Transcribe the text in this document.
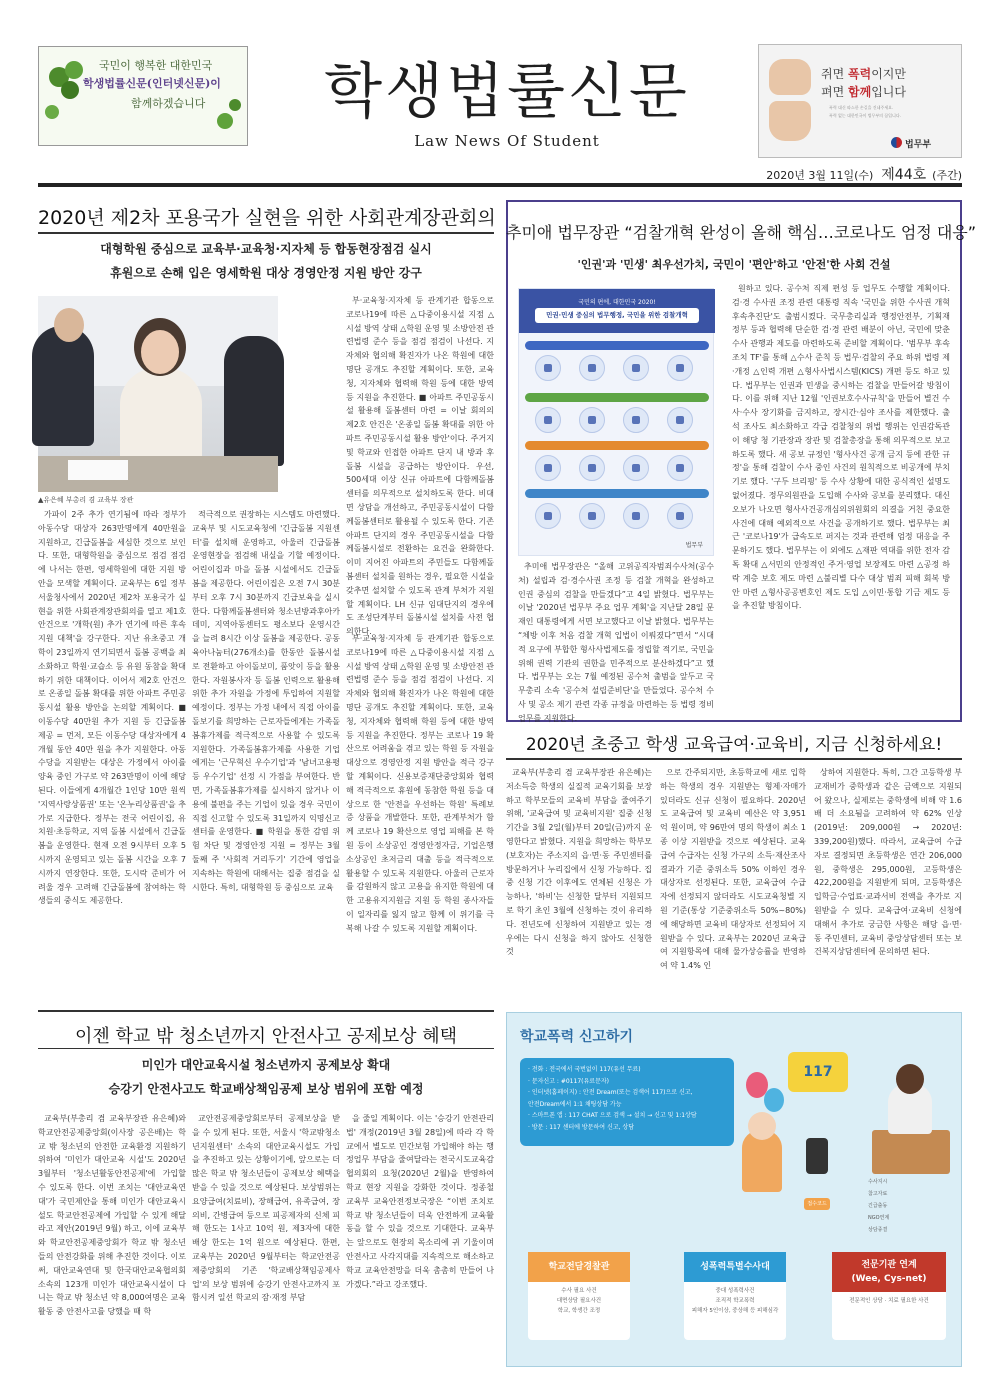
국민이 행복한 대한민국
학생법률신문(인터넷신문)이
함께하겠습니다	학생법률신문
Law News Of Student
쥐면 폭력이지만
펴면 함께입니다
폭력 대신 따스한 손길을 건네주세요.
폭력 없는 대한민국이 법무부의 꿈입니다.
법무부
2020년 3월 11일(수) 제44호 (주간)
2020년 제2차 포용국가 실현을 위한 사회관계장관회의
대형학원 중심으로 교육부·교육청·지자체 등 합동현장점검 실시
휴원으로 손해 입은 영세학원 대상 경영안정 지원 방안 강구
▲유은혜 부총리 겸 교육부 장관

부·교육청·지자체 등 관계기관 합동으로 코로나19에 따른 △다중이용시설 지점 △시설 방역 상태 △학원 운영 및 소방안전 관련법령 준수 등을 점검 점검이 나선다. 지자체와 협의해 확진자가 나온 학원에 대한 명단 공개도 추진할 계획이다. 또한, 교육청, 지자체와 협력해 학원 등에 대한 방역 등 지원을 추진한다. ■ 아파트 주민공동시설 활용해 돌봄센터 마련 = 이날 회의의 제2호 안건은 '온종일 돌봄 확대를 위한 아파트 주민공동시설 활용 방안'이다. 주거지 및 학교와 인접한 아파트 단지 내 방과 후 돌봄 시설을 공급하는 방안이다. 우선, 500세대 이상 신규 아파트에 다함께돌봄센터를 의무적으로 설치하도록 한다. 비대면 상담을 개선하고, 주민공동시설이 다함께돌봄센터로 활용될 수 있도록 한다. 기존 아파트 단지의 경우 주민공동시설을 다함께돌봄시설로 전환하는 요건을 완화한다. 이미 지어진 아파트의 주민들도 다함께돌봄센터 설치를 원하는 경우, 필요한 시설을 갖추면 설치할 수 있도록 관계 부처가 지원할 계획이다. LH 신규 임대단지의 경우에도 조성단계부터 돌봄시설 설치를 사전 협의한다.

가파이 2주 추가 연기됨에 따라 정부가 아동수당 대상자 263만명에게 40만원을 지원하고, 긴급돌봄을 세심한 것으로 보인다. 또한, 대형학원을 중심으로 점검 점검에 나서는 한편, 영세학원에 대한 지원 방안을 모색할 계획이다. 교육부는 6일 정부서울청사에서 2020년 제2차 포용국가 실현을 위한 사회관계장관회의를 열고 제1호 안건으로 '개학(원) 추가 연기에 따른 후속 지원 대책'을 강구한다. 지난 유초중고 개학이 23일까지 연기되면서 돌봄 공백을 최소화하고 학원·교습소 등 유원 동참을 확대하기 위한 대책이다. 이어서 제2호 안건으로 온종일 돌봄 확대를 위한 아파트 주민공동시설 활용 방안을 논의할 계획이다. ■ 이동수당 40만원 추가 지원 등 긴급돌봄 제공 = 먼저, 모든 이동수당 대상자에게 4개월 동안 40만 원을 추가 지원한다. 아동수당을 지원받는 대상은 가정에서 아이를 양육 중인 가구로 약 263만명이 이에 해당된다. 이들에게 4개월간 1인당 10만 원씩 '지역사랑상품권' 또는 '온누리상품권'을 추가로 지급한다. 정부는 전국 어린이집, 유치원·초등학교, 지역 돌봄 시설에서 긴급돌봄을 운영한다. 현재 오전 9시부터 오후 5시까지 운영되고 있는 돌봄 시간을 오후 7시까지 연장한다. 또한, 도시락 준비가 어려울 경우 고려해 긴급돌봄에 참여하는 학생들의 중식도 제공한다.

적극적으로 권장하는 시스템도 마련했다. 교육부 및 시도교육청에 '긴급돌봄 지원센터'를 설치해 운영하고, 아울러 긴급돌봄 운영현장을 점검해 내실을 기할 예정이다. 어린이집과 마을 돌봄 시설에서도 긴급돌봄을 제공한다. 어린이집은 오전 7시 30분부터 오후 7시 30분까지 긴급보육을 실시한다. 다함께돌봄센터와 청소년방과후아카데미, 지역아동센터도 평소보다 운영시간을 늘려 8시간 이상 돌봄을 제공한다. 공동육아나눔터(276개소)를 한동안 돌봄시설로 전환하고 아이돌보미, 품앗이 등을 활용한다. 자원봉사자 등 돌봄 인력으로 활용해 위한 추가 자원을 가정에 투입하여 지원할 예정이다. 정부는 가정 내에서 직접 아이를 돌보기를 희망하는 근로자들에게는 가족돌봄휴가제를 적극적으로 사용할 수 있도록 지원한다. 가족돌봄휴가제를 사용한 기업에게는 '근무혁신 우수기업'과 '남녀고용평등 우수기업' 선정 시 가점을 부여한다. 반면, 가족돌봄휴가제를 실시하지 않거나 이용에 불편을 주는 기업이 있을 경우 국민이 직접 신고할 수 있도록 31일까지 익명신고센터를 운영한다. ■ 학원을 통한 감염 위험 차단 및 경영안정 지원 = 정부는 3월 둘째 주 '사회적 거리두기' 기간에 영업을 지속하는 학원에 대해서는 집중 점검을 실시한다. 특히, 대형학원 등 중심으로 교육

부·교육청·지자체 등 관계기관 합동으로 코로나19에 따른 △다중이용시설 지점 △시설 방역 상태 △학원 운영 및 소방안전 관련법령 준수 등을 점검 점검이 나선다. 지자체와 협의해 확진자가 나온 학원에 대한 명단 공개도 추진할 계획이다. 또한, 교육청, 지자체와 협력해 학원 등에 대한 방역 등 지원을 추진한다. 정부는 코로나 19 확산으로 어려움을 겪고 있는 학원 등 자원을 대상으로 경영안정 지원 방안을 적극 강구할 계획이다. 신용보증재단중앙회와 협력해 적극적으로 휴원에 동참한 학원 등을 대상으로 한 '안전을 우선하는 학원' 특례보증 상품을 개발한다. 또한, 관계부처가 함께 코로나 19 확산으로 영업 피해를 본 학원 등이 소상공인 경영안정자금, 기업은행 소상공인 초저금리 대출 등을 적극적으로 활용할 수 있도록 지원한다. 아울러 근로자를 감원하지 않고 고용을 유지한 학원에 대한 고용유지지원금 지원 등 학원 종사자들이 일자리를 잃지 않고 함께 이 위기를 극복해 나갈 수 있도록 지원할 계획이다.

추미애 법무장관 “검찰개혁 완성이 올해 핵심…코로나도 엄정 대응”
'인권'과 '민생' 최우선가치, 국민이 '편안'하고 '안전'한 사회 건설
국민의 편에, 대한민국 2020!
민권·민생 중심의 법무행정, 국민을 위한 검찰개혁
법무부

추미애 법무장관은 “올해 고위공직자범죄수사처(공수처) 설립과 검·경수사권 조정 등 검찰 개혁을 완성하고 인권 중심의 검찰을 만들겠다”고 4일 밝혔다. 법무부는 이날 '2020년 법무부 주요 업무 계획'을 지난달 28일 문재인 대통령에게 서면 보고했다고 이날 밝혔다. 법무부는 “체방 이후 처음 검찰 개혁 입법이 이뤄졌다”면서 “시대적 요구에 부합한 형사사법제도를 정립할 적기로, 국민을 위해 권력 기관의 권한을 민주적으로 분산하겠다”고 했다. 법무부는 오는 7월 예정된 공수처 출범을 앞두고 국무총리 소속 '공수처 설립준비단'을 만들었다. 공수처 수사 및 공소 제기 관련 각종 규정을 마련하는 등 법령 정비 업무를 지원한다.

원하고 있다. 공수처 직제 편성 등 업무도 수행할 계획이다. 검·경 수사권 조정 관련 대통령 직속 '국민을 위한 수사권 개혁 후속추진단'도 출범시켰다. 국무총리실과 행정안전부, 기획재정부 등과 협력해 단순한 검·경 관련 배분이 아닌, 국민에 맞춘 수사 관행과 제도를 마련하도록 준비할 계획이다. '범무부 후속조치 TF'를 통해 △수사 준칙 등 법무·검찰의 주요 하위 법령 제·개정 △인력 개편 △형사사법시스템(KICS) 개편 등도 하고 있다. 법무부는 인권과 민생을 중시하는 검찰을 만들어갈 방침이다. 이를 위해 지난 12월 '인권보호수사규칙'을 만들어 별건 수사·수사 장기화를 금지하고, 장시간·심야 조사를 제한했다. 출석 조사도 최소화하고 각급 검찰청의 위법 행위는 인권감독관이 해당 청 기관장과 장관 및 검찰총장을 통해 의무적으로 보고하도록 했다. 새 공보 규정인 '형사사건 공개 금지 등에 관한 규정'을 통해 검찰이 수사 중인 사건의 원칙적으로 비공개에 부치기로 했다. '구두 브리핑' 등 수사 상황에 대한 공식적인 설명도 없어졌다. 정무의원관을 도입해 수사와 공보를 분리했다. 대신 오보가 나오면 형사사건공개심의위원회의 의결을 거친 중요한 사건에 대해 예외적으로 사건을 공개하기로 했다. 법무부는 최근 '코로나19'가 급속도로 퍼지는 것과 관련해 엄정 대응을 주문하기도 했다. 법무부는 이 외에도 △재판 역대를 위한 전자 감독 확대 △서민의 안정적인 주거·영업 보장제도 마련 △공정 하락 계층 보호 제도 마련 △불리별 다수 대상 범죄 피해 회복 방안 마련 △형사공공변호인 제도 도입 △이민·통합 기금 제도 등을 추진할 방침이다.

2020년 초중고 학생 교육급여·교육비, 지금 신청하세요!

교육부(부총리 겸 교육부장관 유은혜)는 저소득층 학생의 실질적 교육기회를 보장하고 학부모들의 교육비 부담을 줄여주기 위해, '교육급여 및 교육비지원' 집중 신청기간을 3월 2일(월)부터 20일(금)까지 운영한다고 밝혔다. 지원을 희망하는 학부모(보호자)는 주소지의 읍·면·동 주민센터를 방문하거나 누리집에서 신청 가능하다. 집중 신청 기간 이후에도 연체된 신청은 가능하나, '하비'는 신청한 달부터 지원되므로 학기 초인 3월에 신청하는 것이 유리하다. 전년도에 신청하여 지원받고 있는 경우에는 다시 신청을 하지 않아도 신청한 것

으로 간주되지만, 초등학교에 새로 입학하는 학생의 경우 지원받는 형제·자매가 있더라도 신규 신청이 필요하다. 2020년도 교육급여 및 교육비 예산은 약 3,951억 원이며, 약 96만여 명의 학생이 최소 1종 이상 지원받을 것으로 예상된다. 교육급여 수급자는 신청 가구의 소득·재산조사 결과가 기준 중위소득 50% 이하인 경우 대상자로 선정된다. 또한, 교육급여 수급자에 선정되지 않더라도 시도교육청별 지원 기준(통상 기준중위소득 50%~80%)에 해당하면 교육비 대상자로 선정되어 지원받을 수 있다. 교육부는 2020년 교육급여 지원항목에 대해 물가상승률을 반영하여 약 1.4% 인

상하여 지원한다. 특히, 그간 고등학생 부교재비가 중학생과 같은 금액으로 지원되어 왔으나, 실제로는 중학생에 비해 약 1.6배 더 소요됨을 고려하여 약 62% 인상(2019년: 209,000원 → 2020년: 339,200원)했다. 따라서, 교육급여 수급자로 결정되면 초등학생은 연간 206,000원, 중학생은 295,000원, 고등학생은 422,200원을 지원받게 되며, 고등학생은 입학금·수업료·교과서비 전액을 추가로 지원받을 수 있다. 교육급여·교육비 신청에 대해서 추가로 궁금한 사항은 해당 읍·면·동 주민센터, 교육비 중앙상담센터 또는 보건복지상담센터에 문의하면 된다.

이젠 학교 밖 청소년까지 안전사고 공제보상 혜택
미인가 대안교육시설 청소년까지 공제보상 확대
승강기 안전사고도 학교배상책임공제 보상 범위에 포함 예정

교육부(부총리 겸 교육부장관 유은혜)와 학교안전공제중앙회(이사장 공은배)는 학교 밖 청소년의 안전한 교육환경 지원하기 위하여 '미인가 대안교육 시설'도 2020년 3월부터 '청소년활동안전공제'에 가입할 수 있도록 한다. 이번 조치는 '대안교육연대'가 국민제안을 통해 미인가 대안교육시설도 학교안전공제에 가입할 수 있게 해달라고 제안(2019년 9월) 하고, 이에 교육부와 학교안전공제중앙회가 학교 밖 청소년들의 안전강화를 위해 추진한 것이다. 이로써, 대안교육연대 및 한국대안교육협의회 소속의 123개 미인가 대안교육시설이 다니는 학교 밖 청소년 약 8,000여명은 교육활동 중 안전사고를 당했을 때 학

교안전공제중앙회로부터 공제보상을 받을 수 있게 된다. 또한, 서울시 '학교밖청소년지원센터' 소속의 대안교육시설도 가입을 추진하고 있는 상황이기에, 앞으로는 더 많은 학교 밖 청소년들이 공제보상 혜택을 받을 수 있을 것으로 예상된다. 보상범위는 요양급여(치료비), 장해급여, 유족급여, 장의비, 간병급여 등으로 피공제자의 신체 피해 한도는 1사고 10억 원, 제3자에 대한 배상 한도는 1억 원으로 예상된다. 한편, 교육부는 2020년 9월부터는 학교안전공제중앙회의 기존 '학교배상책임공제사업'의 보상 범위에 승강기 안전사고까지 포함시켜 일선 학교의 잠·재정 부담

을 줄일 계획이다. 이는 '승강기 안전관리법' 개정(2019년 3월 28일)에 따라 각 학교에서 별도로 민간보험 가입해야 하는 행정업무 부담을 줄여달라는 전국시도교육감협의회의 요청(2020년 2월)을 반영하여 학교 현장 지원을 강화한 것이다. 정종철 교육부 교육안전정보국장은 “이번 조치로 학교 밖 청소년들이 더욱 안전하게 교육활동을 할 수 있을 것으로 기대한다. 교육부는 앞으로도 현장의 목소리에 귀 기울이며 안전사고 사각지대를 지속적으로 해소하고 학교 교육안전망을 더욱 촘촘히 만들어 나가겠다.”라고 강조했다.

학교폭력 신고하기
· 전화 : 전국에서 국번없이 117(유선 무료)
· 문자신고 : #0117(유료문자)
· 인터넷(홈페이지) : 안전 Dream(또는 검색어 117)으로 신고,
안전Dream에서 1:1 채팅상담 가능
· 스마트폰 앱 : 117 CHAT 으로 검색 → 설치 → 신고 및 1:1상담
· 방문 : 117 센터에 방문하여 신고, 상담
117
접수코드
수사지시
참고자료
긴급출동
NGO연계
상담종결
학교전담경찰관
수사 필요 사건
대면상담 필요사건
학교, 학생간 조정
성폭력특별수사대
중대 성폭력사건
조직적 학교폭력
피해자 5인이상, 중상해 등 피해심각
전문기관 연계
(Wee, Cys-net)
전문적인 상담 · 치료 필요한 사건
